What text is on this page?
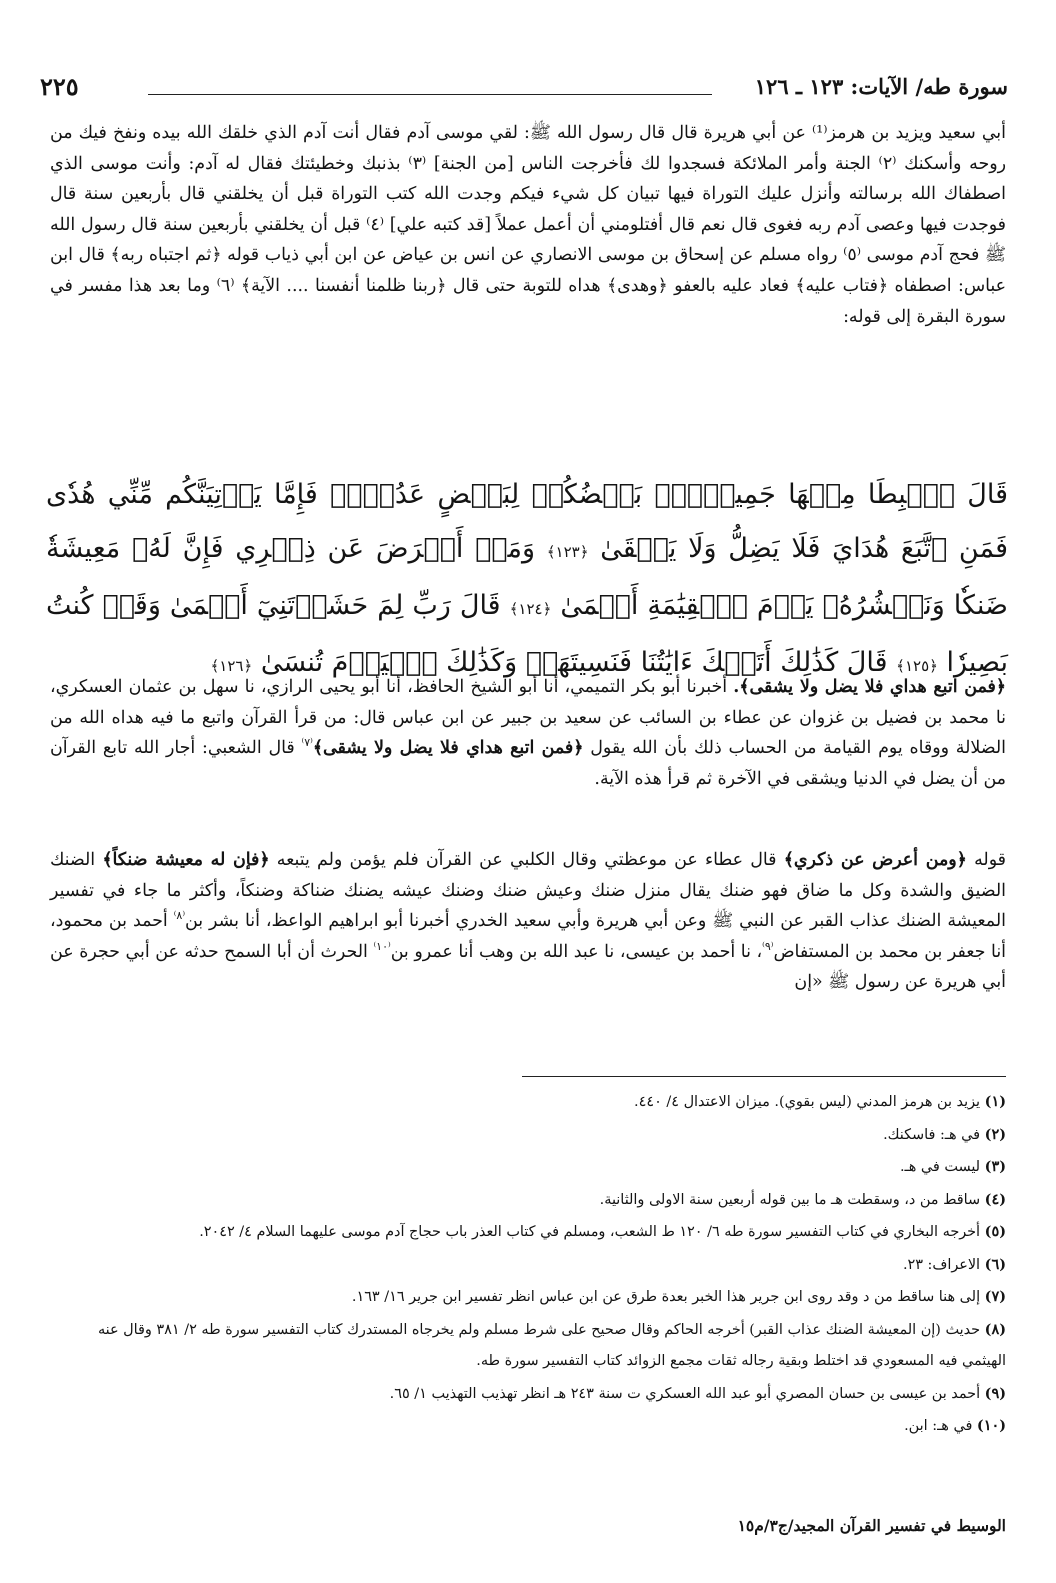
سورة طه/ الآيات: ١٢٣ ـ ١٢٦
٢٢٥

أبي سعيد ويزيد بن هرمز⁽¹⁾ عن أبي هريرة قال قال رسول الله ﷺ: لقي موسى آدم فقال أنت آدم الذي خلقك الله بيده ونفخ فيك من روحه وأسكنك ⁽٢⁾ الجنة وأمر الملائكة فسجدوا لك فأخرجت الناس [من الجنة] ⁽٣⁾ بذنبك وخطيئتك فقال له آدم: وأنت موسى الذي اصطفاك الله برسالته وأنزل عليك التوراة فيها تبيان كل شيء فيكم وجدت الله كتب التوراة قبل أن يخلقني قال بأربعين سنة قال فوجدت فيها وعصى آدم ربه فغوى قال نعم قال أفتلومني أن أعمل عملاً [قد كتبه علي] ⁽٤⁾ قبل أن يخلقني بأربعين سنة قال رسول الله ﷺ فحج آدم موسى ⁽٥⁾ رواه مسلم عن إسحاق بن موسى الانصاري عن انس بن عياض عن ابن أبي ذياب قوله ﴿ثم اجتباه ربه﴾ قال ابن عباس: اصطفاه ﴿فتاب عليه﴾ فعاد عليه بالعفو ﴿وهدى﴾ هداه للتوبة حتى قال ﴿ربنا ظلمنا أنفسنا .... الآية﴾ ⁽٦⁾ وما بعد هذا مفسر في سورة البقرة إلى قوله:

قَالَ ٱهۡبِطَا مِنۡهَا جَمِيعَۢاۖ بَعۡضُكُمۡ لِبَعۡضٍ عَدُوّٞۖ فَإِمَّا يَأۡتِيَنَّكُم مِّنِّي هُدٗى فَمَنِ ٱتَّبَعَ هُدَايَ فَلَا يَضِلُّ وَلَا يَشۡقَىٰ ﴿١٢٣﴾ وَمَنۡ أَعۡرَضَ عَن ذِكۡرِي فَإِنَّ لَهُۥ مَعِيشَةٗ ضَنكٗا وَنَحۡشُرُهُۥ يَوۡمَ ٱلۡقِيَٰمَةِ أَعۡمَىٰ ﴿١٢٤﴾ قَالَ رَبِّ لِمَ حَشَرۡتَنِيٓ أَعۡمَىٰ وَقَدۡ كُنتُ بَصِيرٗا ﴿١٢٥﴾ قَالَ كَذَٰلِكَ أَتَتۡكَ ءَايَٰتُنَا فَنَسِيتَهَاۖ وَكَذَٰلِكَ ٱلۡيَوۡمَ تُنسَىٰ ﴿١٢٦﴾

﴿فمن اتبع هداي فلا يضل ولا يشقى﴾. أخبرنا أبو بكر التميمي، أنا أبو الشيخ الحافظ، أنا أبو يحيى الرازي، نا سهل بن عثمان العسكري، نا محمد بن فضيل بن غزوان عن عطاء بن السائب عن سعيد بن جبير عن ابن عباس قال: من قرأ القرآن واتبع ما فيه هداه الله من الضلالة ووقاه يوم القيامة من الحساب ذلك بأن الله يقول ﴿فمن اتبع هداي فلا يضل ولا يشقى﴾$^{^(٧^)}$ قال الشعبي: أجار الله تابع القرآن من أن يضل في الدنيا ويشقى في الآخرة ثم قرأ هذه الآية.

قوله ﴿ومن أعرض عن ذكري﴾ قال عطاء عن موعظتي وقال الكلبي عن القرآن فلم يؤمن ولم يتبعه ﴿فإن له معيشة ضنكاً﴾ الضنك الضيق والشدة وكل ما ضاق فهو ضنك يقال منزل ضنك وعيش ضنك وضنك عيشه يضنك ضناكة وضنكاً، وأكثر ما جاء في تفسير المعيشة الضنك عذاب القبر عن النبي ﷺ وعن أبي هريرة وأبي سعيد الخدري أخبرنا أبو ابراهيم الواعظ، أنا بشر بن$^{^(٨^)}$ أحمد بن محمود، أنا جعفر بن محمد بن المستفاض$^{^(٩^)}$، نا أحمد بن عيسى، نا عبد الله بن وهب أنا عمرو بن$^{^(١٠^)}$ الحرث أن أبا السمح حدثه عن أبي حجرة عن أبي هريرة عن رسول ﷺ «إن

(١) يزيد بن هرمز المدني (ليس بقوي). ميزان الاعتدال ٤/ ٤٤٠.
(٢) في هـ: فاسكنك.
(٣) ليست في هـ.
(٤) ساقط من د، وسقطت هـ ما بين قوله أربعين سنة الاولى والثانية.
(٥) أخرجه البخاري في كتاب التفسير سورة طه ٦/ ١٢٠ ط الشعب، ومسلم في كتاب العذر باب حجاج آدم موسى عليهما السلام ٤/ ٢٠٤٢.
(٦) الاعراف: ٢٣.
(٧) إلى هنا ساقط من د وقد روى ابن جرير هذا الخبر بعدة طرق عن ابن عباس انظر تفسير ابن جرير ١٦/ ١٦٣.
(٨) حديث (إن المعيشة الضنك عذاب القبر) أخرجه الحاكم وقال صحيح على شرط مسلم ولم يخرجاه المستدرك كتاب التفسير سورة طه ٢/ ٣٨١ وقال عنه الهيثمي فيه المسعودي قد اختلط وبقية رجاله ثقات مجمع الزوائد كتاب التفسير سورة طه.
(٩) أحمد بن عيسى بن حسان المصري أبو عبد الله العسكري ت سنة ٢٤٣ هـ انظر تهذيب التهذيب ١/ ٦٥.
(١٠) في هـ: ابن.
الوسيط في تفسير القرآن المجيد/ج٣/م١٥
